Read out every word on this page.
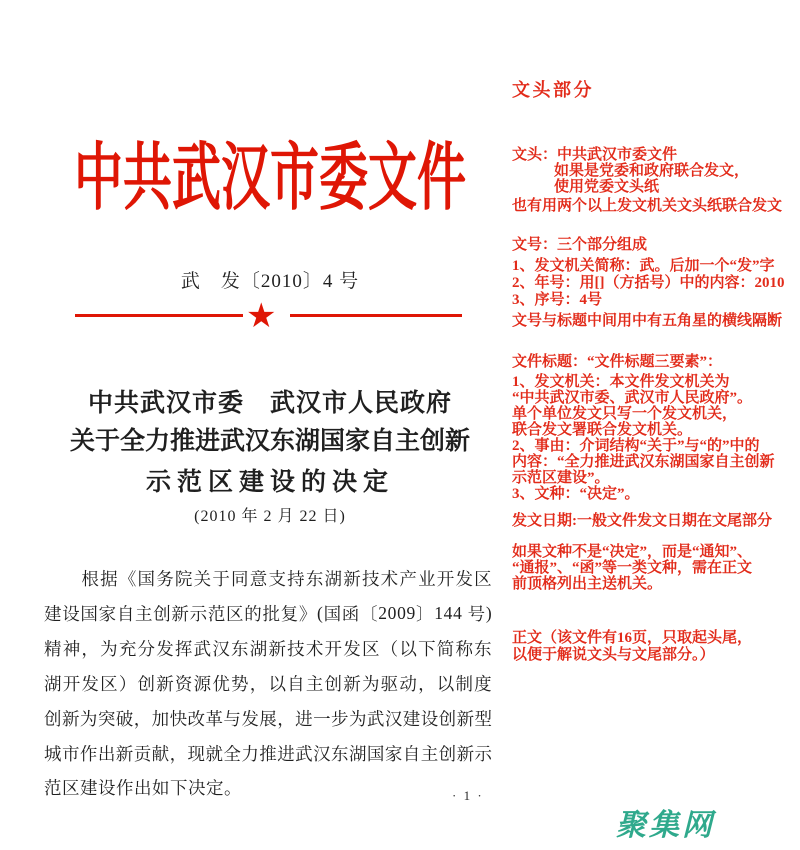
中共武汉市委文件
武　发〔2010〕4 号
★
中共武汉市委　武汉市人民政府
关于全力推进武汉东湖国家自主创新
示范区建设的决定
(2010 年 2 月 22 日)

根 据 《 国 务 院 关 于 同 意 支 持 东 湖 新 技 术 产 业 开 发 区
建 设 国 家 自 主 创 新 示 范 区 的 批 复 》 ( 国 函 〔 2 0 0 9 〕 1 4 4
号 )
精 神 ， 为 充 分 发 挥 武 汉 东 湖 新 技 术 开 发 区 （ 以 下 简 称 东
湖 开 发 区 ） 创 新 资 源 优 势 ， 以 自 主 创 新 为 驱 动 ， 以 制 度
创 新 为 突 破 ， 加 快 改 革 与 发 展 ， 进 一 步 为 武 汉 建 设 创 新 型
城 市 作 出 新 贡 献 ， 现 就 全 力 推 进 武 汉 东 湖 国 家 自 主 创 新 示
范区建设作出如下决定。	· 1 ·
文头部分
文头：中共武汉市委文件
如果是党委和政府联合发文，
使用党委文头纸
也有用两个以上发文机关文头纸联合发文
文号：三个部分组成
1、发文机关简称：武。后加一个“发”字
2、年号：用[]（方括号）中的内容：2010
3、序号：4号
文号与标题中间用中有五角星的横线隔断
文件标题：“文件标题三要素”：
1、发文机关：本文件发文机关为
“中共武汉市委、武汉市人民政府”。
单个单位发文只写一个发文机关，
联合发文署联合发文机关。
2、事由：介词结构“关于”与“的”中的
内容：“全力推进武汉东湖国家自主创新
示范区建设”。
3、文种：“决定”。
发文日期:一般文件发文日期在文尾部分
如果文种不是“决定”，而是“通知”、
“通报”、“函”等一类文种，需在正文
前顶格列出主送机关。
正文（该文件有16页，只取起头尾，
以便于解说文头与文尾部分。）
聚集网
